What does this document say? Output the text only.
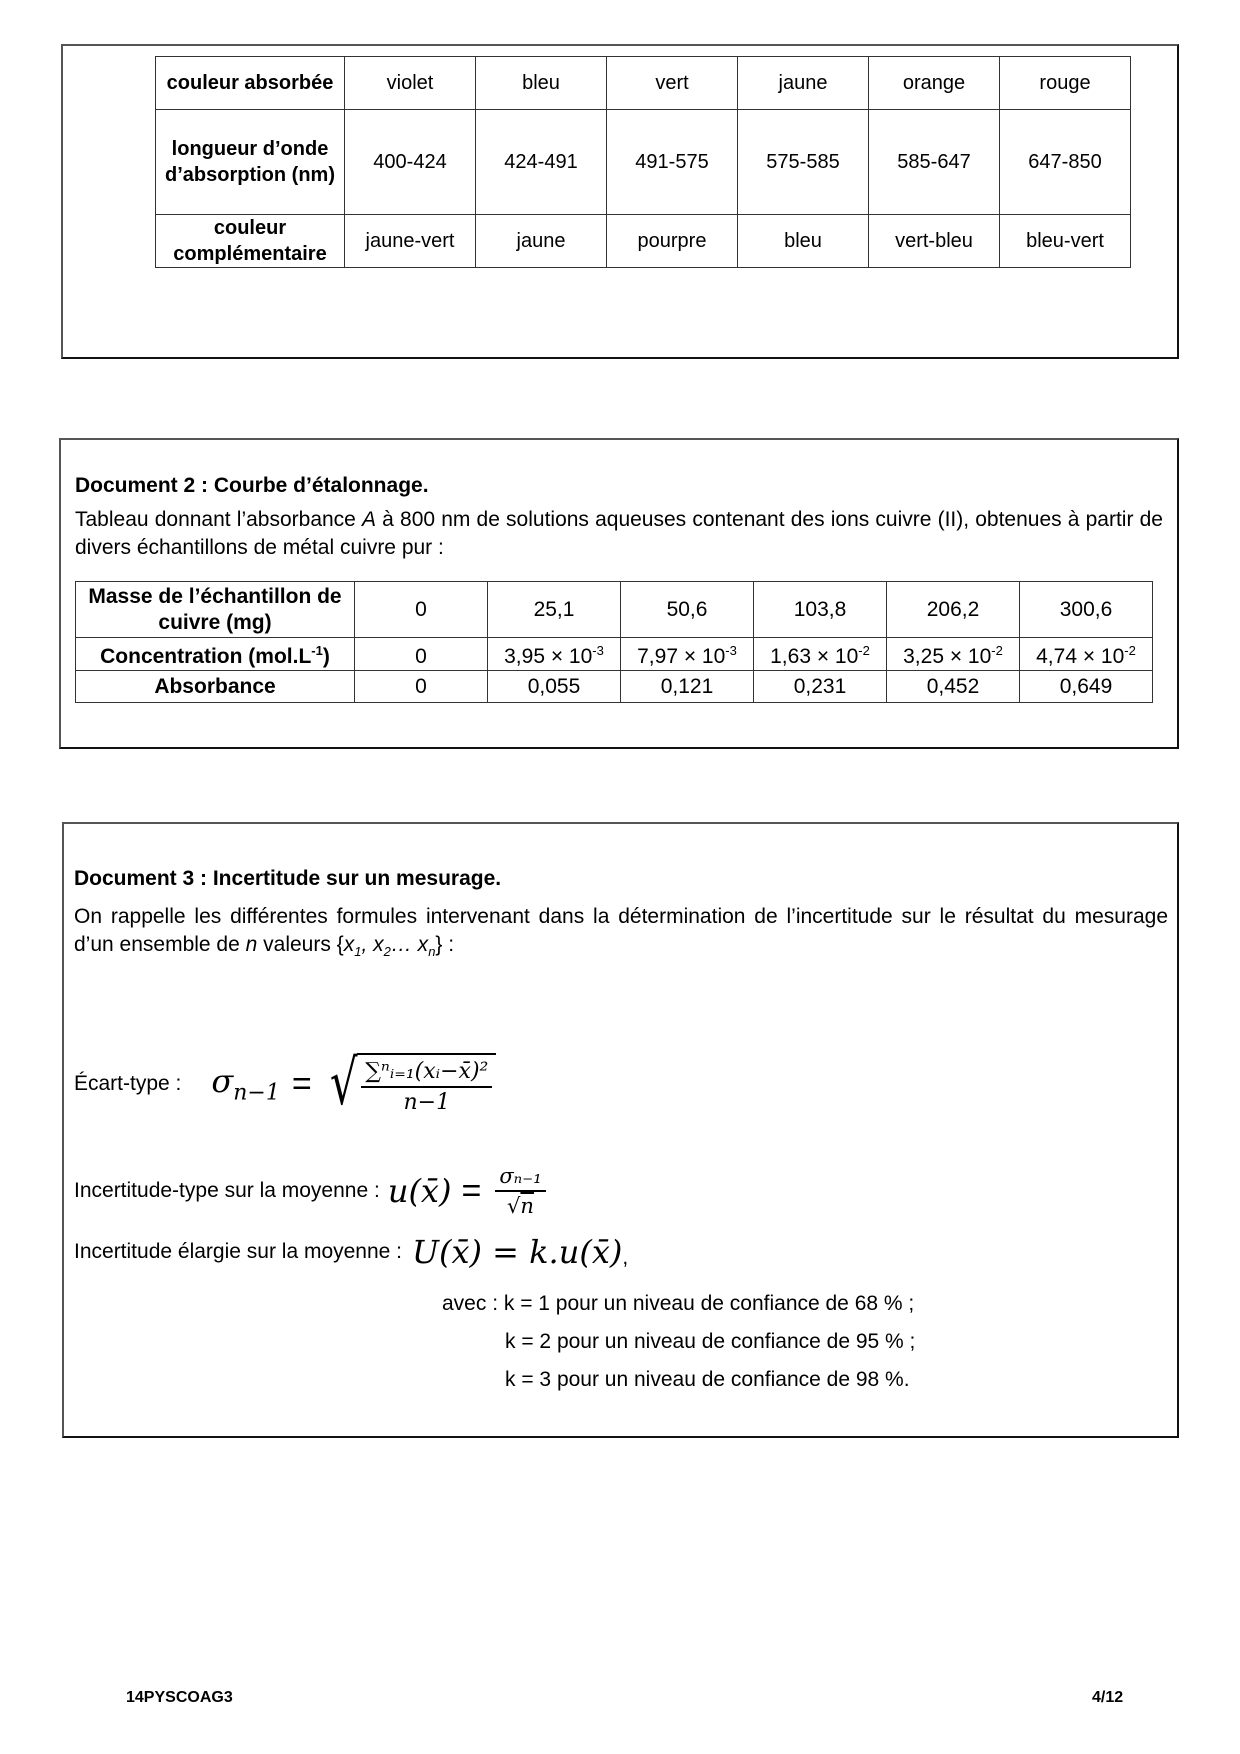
couleur absorbée	violet	bleu	vert	jaune	orange	rouge
longueur d’onde d’absorption (nm)	400-424	424-491	491-575	575-585	585-647	647-850
couleur complémentaire	jaune-vert	jaune	pourpre	bleu	vert-bleu	bleu-vert
Document 2 : Courbe d’étalonnage.
Tableau donnant l’absorbance A à 800 nm de solutions aqueuses contenant des ions cuivre (II), obtenues à partir de divers échantillons de métal cuivre pur :
Masse de l’échantillon de cuivre (mg)	0	25,1	50,6	103,8	206,2	300,6
Concentration $(mol.L^{-1})$	0	$3,95 \times 10^{-3}$	$7,97 \times 10^{-3}$	$1,63 \times 10^{-2}$	$3,25 \times 10^{-2}$	$4,74 \times 10^{-2}$
Absorbance	0	0,055	0,121	0,231	0,452	0,649
Document 3 : Incertitude sur un mesurage.
On rappelle les différentes formules intervenant dans la détermination de l’incertitude sur le résultat du mesurage d’un ensemble de n valeurs {$x_1$, $x_2\dots$ $x_n$} :
Écart-type : $\sigma_{n-1}$ = √ $\frac{\text{∑ⁿᵢ₌₁(xᵢ−x̄)²}}{n-1}$
Incertitude-type sur la moyenne : u(x̄) = $\frac{\text{σₙ₋₁}}{√n}$
Incertitude élargie sur la moyenne : U(x̄) = k.u(x̄) ,
avec : k = 1 pour un niveau de confiance de 68 % ;
k = 2 pour un niveau de confiance de 95 % ;
k = 3 pour un niveau de confiance de 98 %.
14PYSCOAG3	4/12
